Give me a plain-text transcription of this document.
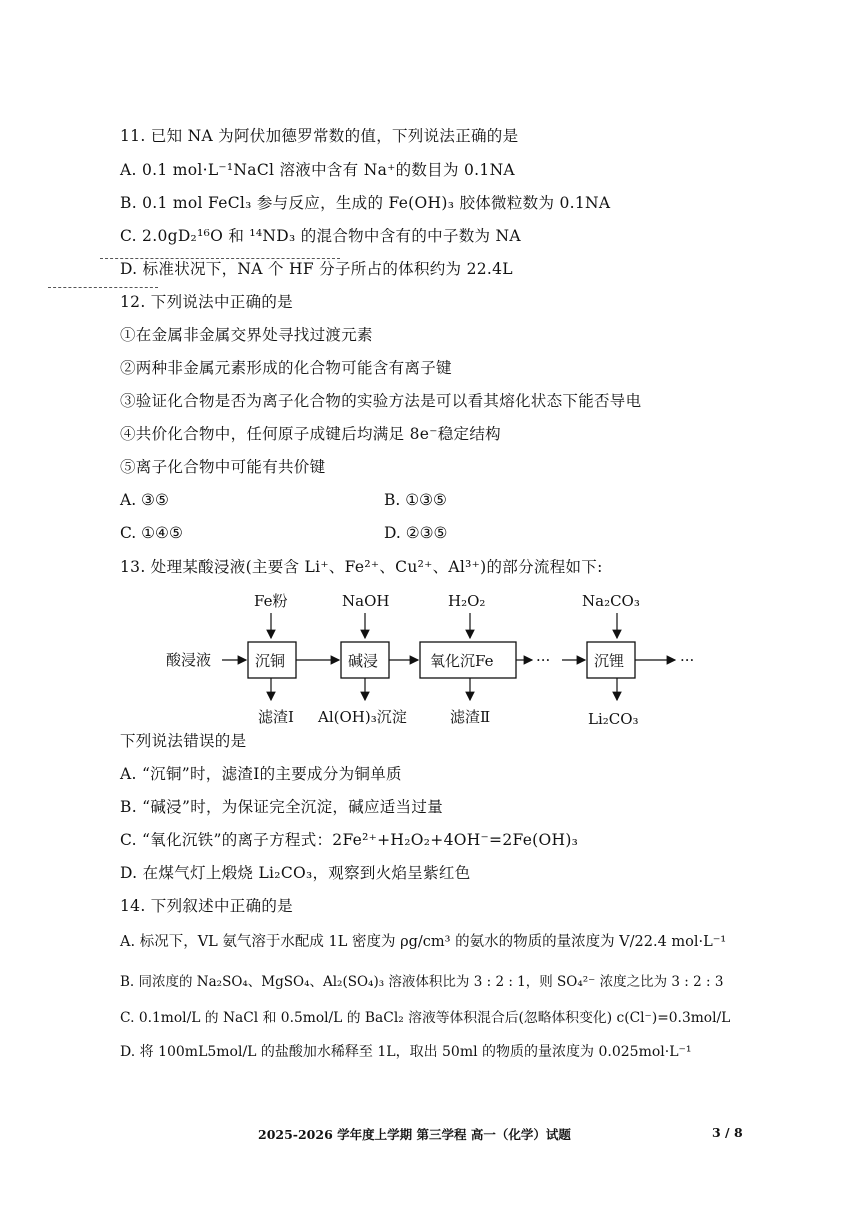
11. 已知 NA 为阿伏加德罗常数的值，下列说法正确的是
A. 0.1 mol·L⁻¹NaCl 溶液中含有 Na⁺的数目为 0.1NA
B. 0.1 mol FeCl₃ 参与反应，生成的 Fe(OH)₃ 胶体微粒数为 0.1NA
C. 2.0gD₂¹⁶O 和 ¹⁴ND₃ 的混合物中含有的中子数为 NA
D. 标准状况下，NA 个 HF 分子所占的体积约为 22.4L
12. 下列说法中正确的是
①在金属非金属交界处寻找过渡元素
②两种非金属元素形成的化合物可能含有离子键
③验证化合物是否为离子化合物的实验方法是可以看其熔化状态下能否导电
④共价化合物中，任何原子成键后均满足 8e⁻稳定结构
⑤离子化合物中可能有共价键
A. ③⑤	B. ①③⑤
C. ①④⑤	D. ②③⑤
13. 处理某酸浸液(主要含 Li⁺、Fe²⁺、Cu²⁺、Al³⁺)的部分流程如下:
Fe粉	NaOH	H₂O₂	Na₂CO₃
酸浸液	沉铜	碱浸	氧化沉Fe	···	沉锂	···
滤渣Ⅰ Al(OH)₃沉淀	滤渣Ⅱ	Li₂CO₃
下列说法错误的是
A. “沉铜”时，滤渣Ⅰ的主要成分为铜单质
B. “碱浸”时，为保证完全沉淀，碱应适当过量
C. “氧化沉铁”的离子方程式：2Fe²⁺+H₂O₂+4OH⁻=2Fe(OH)₃
D. 在煤气灯上煅烧 Li₂CO₃，观察到火焰呈紫红色
14. 下列叙述中正确的是
A. 标况下，VL 氨气溶于水配成 1L 密度为 ρg/cm³ 的氨水的物质的量浓度为 V/22.4 mol·L⁻¹
B. 同浓度的 Na₂SO₄、MgSO₄、Al₂(SO₄)₃ 溶液体积比为 3 : 2 : 1，则 SO₄²⁻ 浓度之比为 3 : 2 : 3
C. 0.1mol/L 的 NaCl 和 0.5mol/L 的 BaCl₂ 溶液等体积混合后(忽略体积变化) c(Cl⁻)=0.3mol/L
D. 将 100mL5mol/L 的盐酸加水稀释至 1L，取出 50ml 的物质的量浓度为 0.025mol·L⁻¹
2025-2026 学年度上学期 第三学程 高一（化学）试题	3 / 8
